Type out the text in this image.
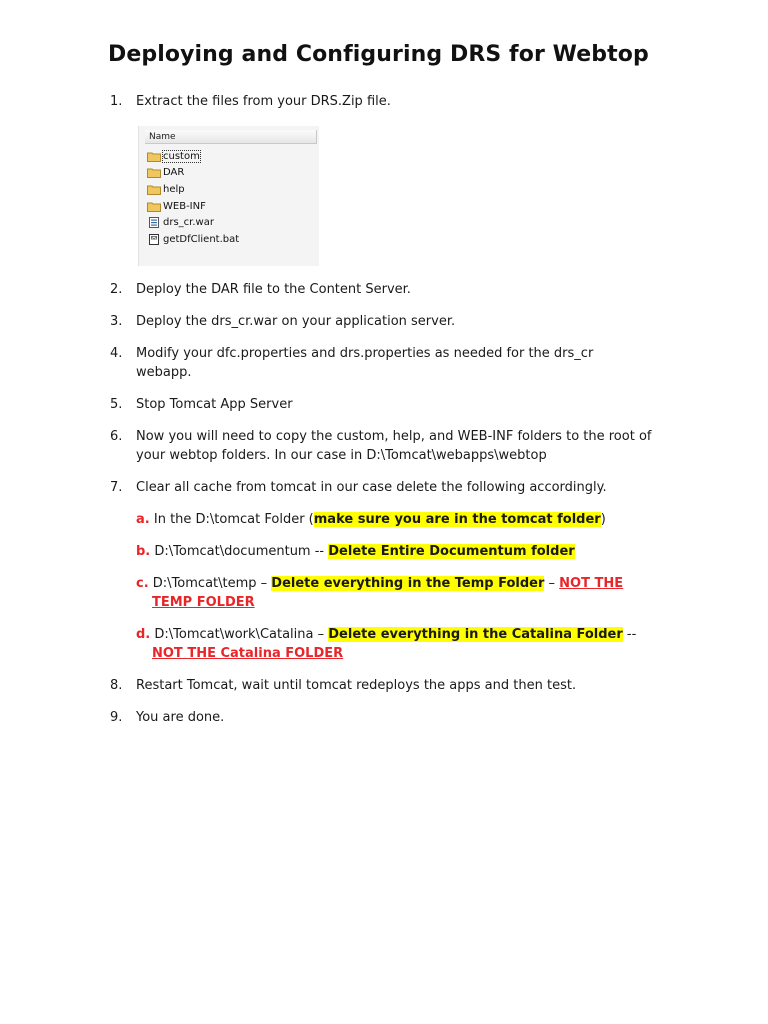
Deploying and Configuring DRS for Webtop
1. Extract the files from your DRS.Zip file.
Name
custom
DAR
help
WEB-INF
drs_cr.war
getDfClient.bat
2. Deploy the DAR file to the Content Server.
3. Deploy the drs_cr.war on your application server.
4. Modify your dfc.properties and drs.properties as needed for the drs_cr webapp.
5. Stop Tomcat App Server
6. Now you will need to copy the custom, help, and WEB-INF folders to the root of your webtop folders. In our case in D:\Tomcat\webapps\webtop
7. Clear all cache from tomcat in our case delete the following accordingly.
a. In the D:\tomcat Folder (make sure you are in the tomcat folder)
b. D:\Tomcat\documentum -- Delete Entire Documentum folder
c. D:\Tomcat\temp – Delete everything in the Temp Folder – NOT THE
TEMP FOLDER
d. D:\Tomcat\work\Catalina – Delete everything in the Catalina Folder --
NOT THE Catalina FOLDER
8. Restart Tomcat, wait until tomcat redeploys the apps and then test.
9. You are done.
